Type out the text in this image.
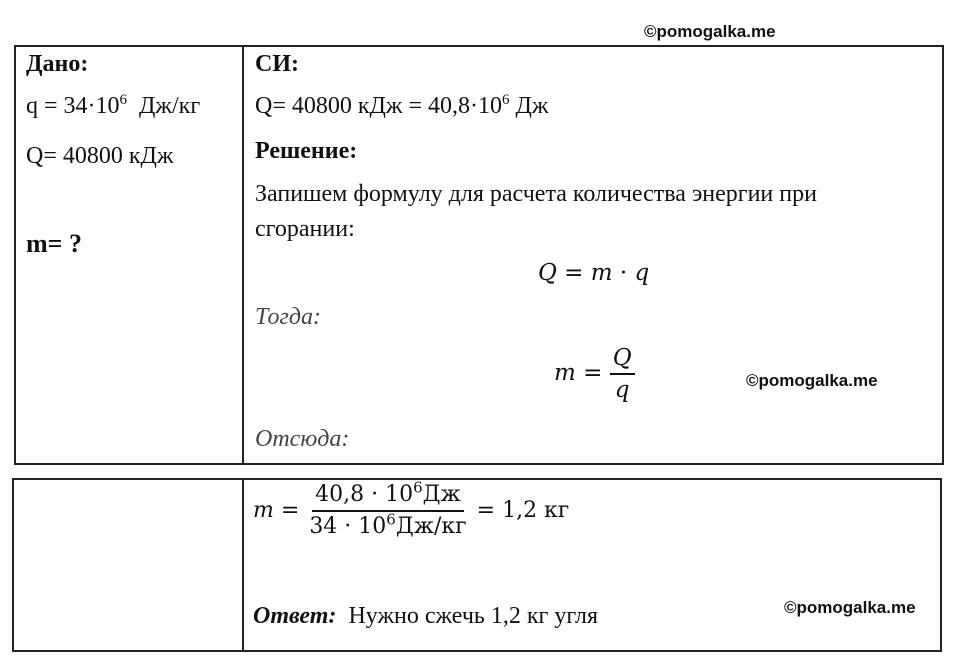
©pomogalka.me
©pomogalka.me
©pomogalka.me
Дано:
$q = 34\cdot 10^6$ Дж/кг
Q= 40800 кДж
m= ?
СИ:
Q= 40800 кДж = $40,8\cdot 10^6$ Дж
Решение:
Запишем формулу для расчета количества энергии при
сгорании:
Q = m · q
Тогда:
$m = \frac{Q}{q}$
Отсюда:
$m = \frac{40,8 \cdot 10^6Дж}{34 \cdot 10^6Дж/кг} = 1,2$ кг
Ответ: Нужно сжечь 1,2 кг угля
